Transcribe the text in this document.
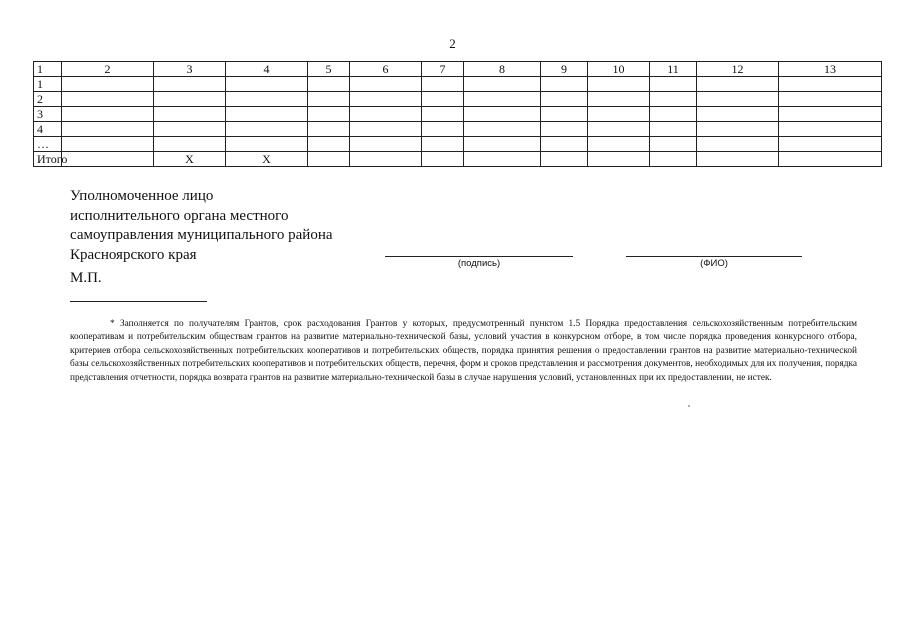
2
1	2	3	4	5	6	7	8	9	10	11	12	13
1												
2												
3												
4												
…												
Итого		X	X									
Уполномоченное лицо
исполнительного органа местного
самоуправления муниципального района
Красноярского края
(подпись)	(ФИО)
М.П.
* Заполняется по получателям Грантов, срок расходования Грантов у которых, предусмотренный пунктом 1.5 Порядка предоставления сельскохозяйственным потребительским кооперативам и потребительским обществам грантов на развитие материально-технической базы, условий участия в конкурсном отборе, в том числе порядка проведения конкурсного отбора, критериев отбора сельскохозяйственных потребительских кооперативов и потребительских обществ, порядка принятия решения о предоставлении грантов на развитие материально-технической базы сельскохозяйственных потребительских кооперативов и потребительских обществ, перечня, форм и сроков представления и рассмотрения документов, необходимых для их получения, порядка представления отчетности, порядка возврата грантов на развитие материально-технической базы в случае нарушения условий, установленных при их предоставлении, не истек.
